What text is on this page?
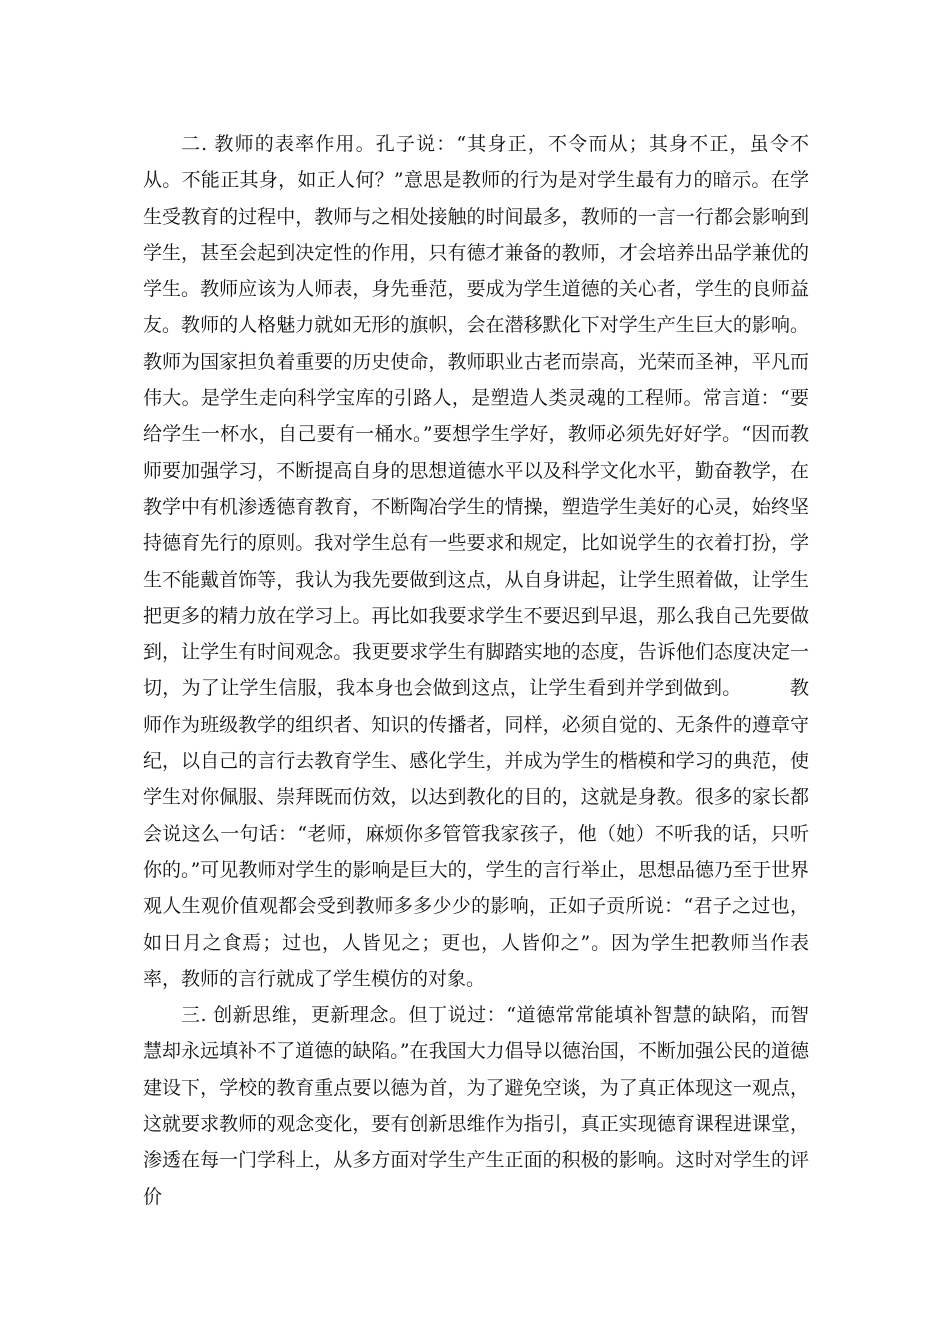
二. 教师的表率作用。孔子说：“其身正，不令而从；其身不正，虽令不从。不能正其身，如正人何？”意思是教师的行为是对学生最有力的暗示。在学生受教育的过程中，教师与之相处接触的时间最多，教师的一言一行都会影响到学生，甚至会起到决定性的作用，只有德才兼备的教师，才会培养出品学兼优的学生。教师应该为人师表，身先垂范，要成为学生道德的关心者，学生的良师益友。教师的人格魅力就如无形的旗帜，会在潜移默化下对学生产生巨大的影响。教师为国家担负着重要的历史使命，教师职业古老而崇高，光荣而圣神，平凡而伟大。是学生走向科学宝库的引路人，是塑造人类灵魂的工程师。常言道：“要给学生一杯水，自己要有一桶水。”要想学生学好，教师必须先好好学。“因而教师要加强学习，不断提高自身的思想道德水平以及科学文化水平，勤奋教学，在教学中有机渗透德育教育，不断陶冶学生的情操，塑造学生美好的心灵，始终坚持德育先行的原则。我对学生总有一些要求和规定，比如说学生的衣着打扮，学生不能戴首饰等，我认为我先要做到这点，从自身讲起，让学生照着做，让学生把更多的精力放在学习上。再比如我要求学生不要迟到早退，那么我自己先要做到，让学生有时间观念。我更要求学生有脚踏实地的态度，告诉他们态度决定一切，为了让学生信服，我本身也会做到这点，让学生看到并学到做到。　　　教师作为班级教学的组织者、知识的传播者，同样，必须自觉的、无条件的遵章守纪，以自己的言行去教育学生、感化学生，并成为学生的楷模和学习的典范，使学生对你佩服、崇拜既而仿效，以达到教化的目的，这就是身教。很多的家长都会说这么一句话：“老师，麻烦你多管管我家孩子，他（她）不听我的话，只听你的。”可见教师对学生的影响是巨大的，学生的言行举止，思想品德乃至于世界观人生观价值观都会受到教师多多少少的影响，正如子贡所说：“君子之过也，如日月之食焉；过也，人皆见之；更也，人皆仰之”。因为学生把教师当作表率，教师的言行就成了学生模仿的对象。

三. 创新思维，更新理念。但丁说过：“道德常常能填补智慧的缺陷，而智慧却永远填补不了道德的缺陷。”在我国大力倡导以德治国，不断加强公民的道德建设下，学校的教育重点要以德为首，为了避免空谈，为了真正体现这一观点，这就要求教师的观念变化，要有创新思维作为指引，真正实现德育课程进课堂，渗透在每一门学科上，从多方面对学生产生正面的积极的影响。这时对学生的评价
